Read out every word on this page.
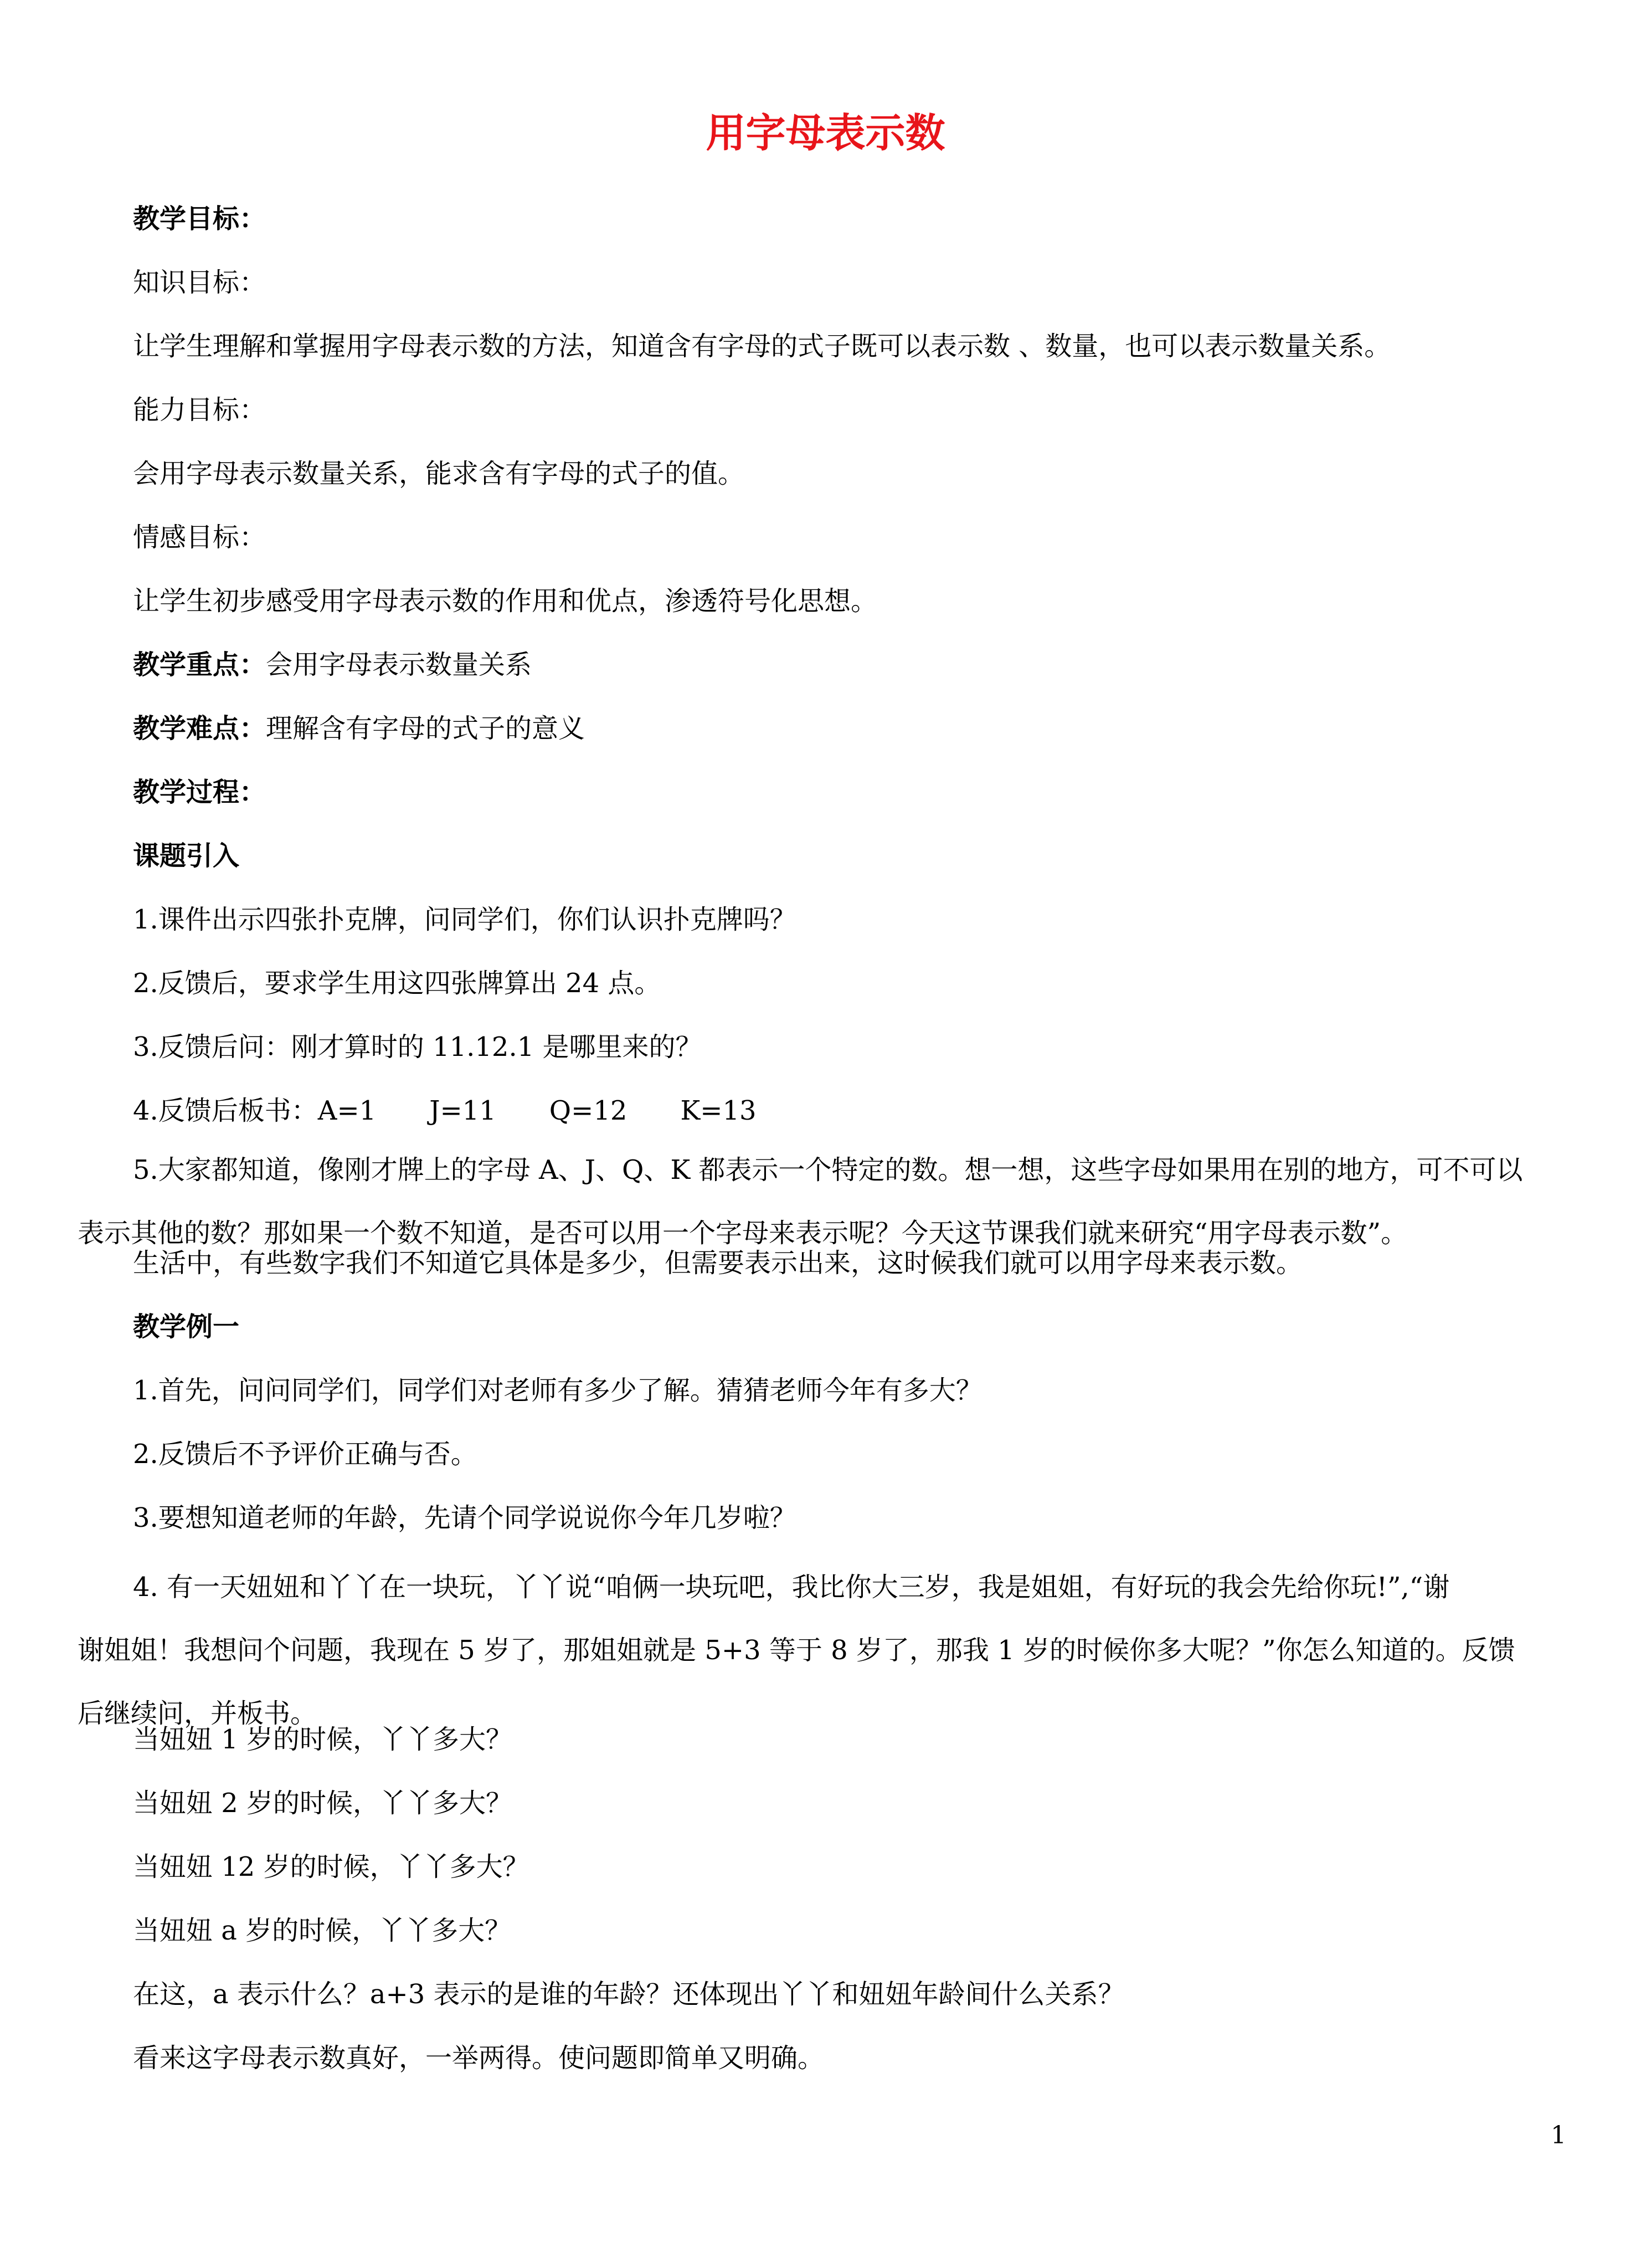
用字母表示数
教学目标：
知识目标：
让学生理解和掌握用字母表示数的方法，知道含有字母的式子既可以表示数 、数量，也可以表示数量关系。
能力目标：
会用字母表示数量关系，能求含有字母的式子的值。
情感目标：
让学生初步感受用字母表示数的作用和优点，渗透符号化思想。
教学重点：会用字母表示数量关系
教学难点：理解含有字母的式子的意义
教学过程：
课题引入
1.课件出示四张扑克牌，问同学们，你们认识扑克牌吗？
2.反馈后，要求学生用这四张牌算出 24 点。
3.反馈后问：刚才算时的 11.12.1 是哪里来的？
4.反馈后板书：A=1　　J=11　　Q=12　　K=13
5.大家都知道，像刚才牌上的字母 A、J、Q、K 都表示一个特定的数。想一想，这些字母如果用在别的地方，可不可以
表示其他的数？那如果一个数不知道，是否可以用一个字母来表示呢？今天这节课我们就来研究“用字母表示数”。
生活中，有些数字我们不知道它具体是多少，但需要表示出来，这时候我们就可以用字母来表示数。
教学例一
1.首先，问问同学们，同学们对老师有多少了解。猜猜老师今年有多大？
2.反馈后不予评价正确与否。
3.要想知道老师的年龄，先请个同学说说你今年几岁啦？
4. 有一天妞妞和丫丫在一块玩，丫丫说“咱俩一块玩吧，我比你大三岁，我是姐姐，有好玩的我会先给你玩!”,“谢
谢姐姐！我想问个问题，我现在 5 岁了，那姐姐就是 5+3 等于 8 岁了，那我 1 岁的时候你多大呢？”你怎么知道的。反馈
后继续问，并板书。
当妞妞 1 岁的时候，丫丫多大？
当妞妞 2 岁的时候，丫丫多大？
当妞妞 12 岁的时候，丫丫多大？
当妞妞 a 岁的时候，丫丫多大？
在这，a 表示什么？a+3 表示的是谁的年龄？还体现出丫丫和妞妞年龄间什么关系？
看来这字母表示数真好，一举两得。使问题即简单又明确。
1
